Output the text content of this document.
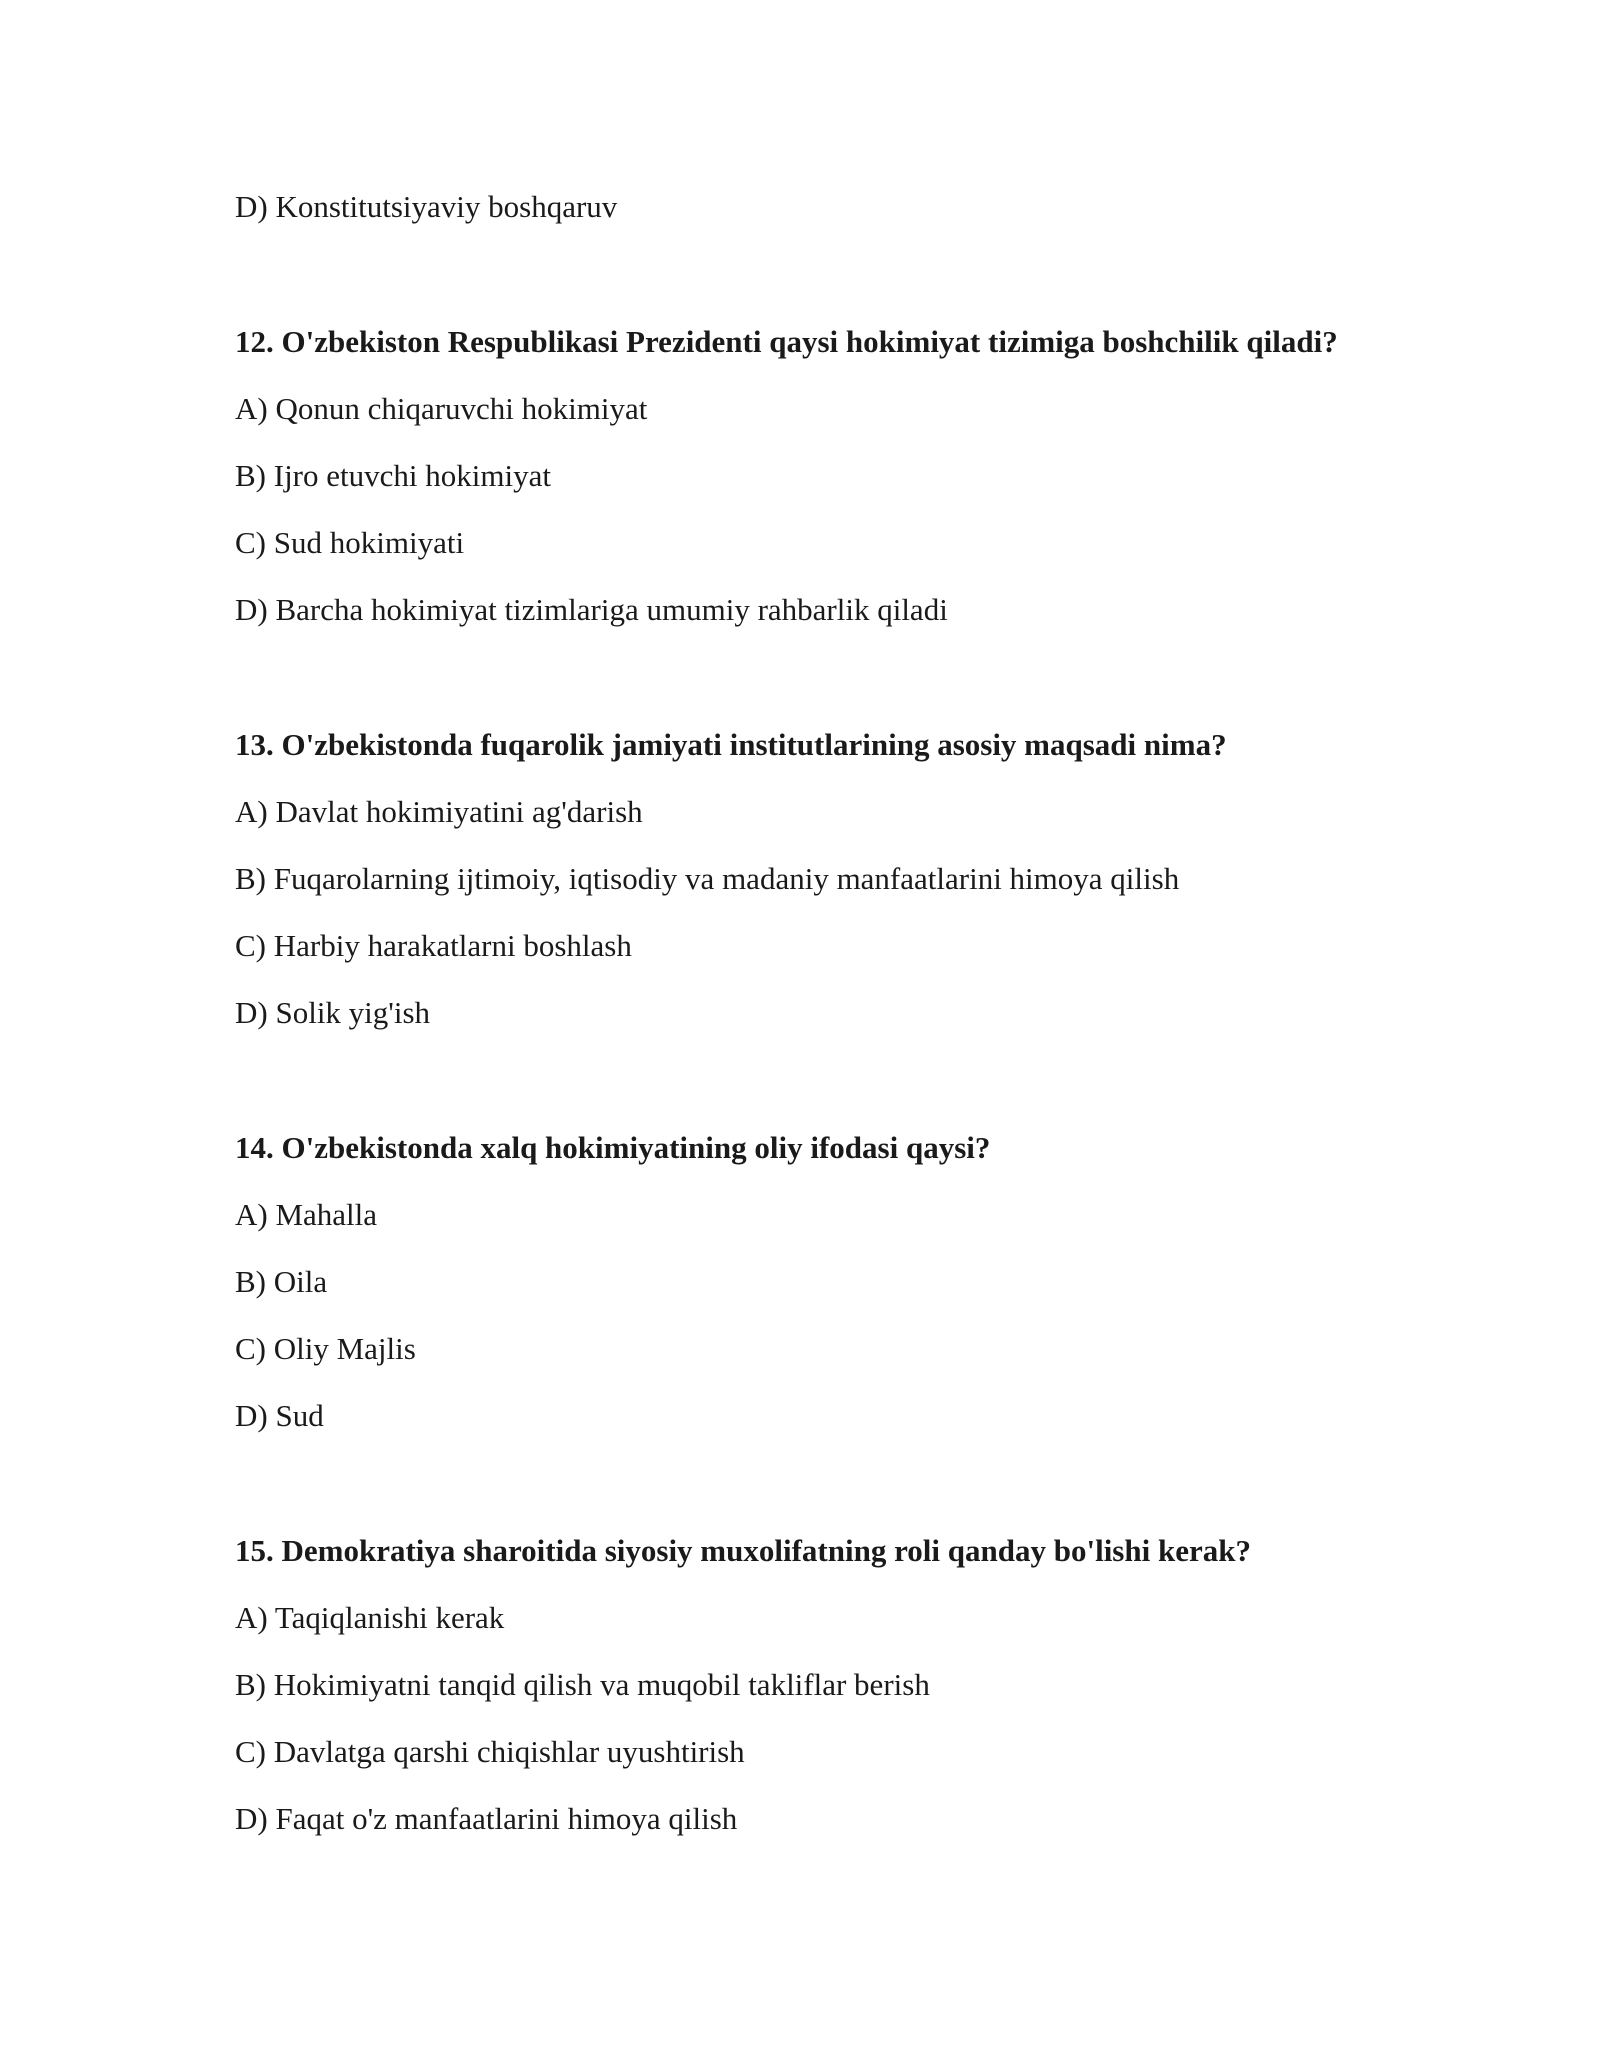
D) Konstitutsiyaviy boshqaruv
12. O'zbekiston Respublikasi Prezidenti qaysi hokimiyat tizimiga boshchilik qiladi?
A) Qonun chiqaruvchi hokimiyat
B) Ijro etuvchi hokimiyat
C) Sud hokimiyati
D) Barcha hokimiyat tizimlariga umumiy rahbarlik qiladi
13. O'zbekistonda fuqarolik jamiyati institutlarining asosiy maqsadi nima?
A) Davlat hokimiyatini ag'darish
B) Fuqarolarning ijtimoiy, iqtisodiy va madaniy manfaatlarini himoya qilish
C) Harbiy harakatlarni boshlash
D) Solik yig'ish
14. O'zbekistonda xalq hokimiyatining oliy ifodasi qaysi?
A) Mahalla
B) Oila
C) Oliy Majlis
D) Sud
15. Demokratiya sharoitida siyosiy muxolifatning roli qanday bo'lishi kerak?
A) Taqiqlanishi kerak
B) Hokimiyatni tanqid qilish va muqobil takliflar berish
C) Davlatga qarshi chiqishlar uyushtirish
D) Faqat o'z manfaatlarini himoya qilish
